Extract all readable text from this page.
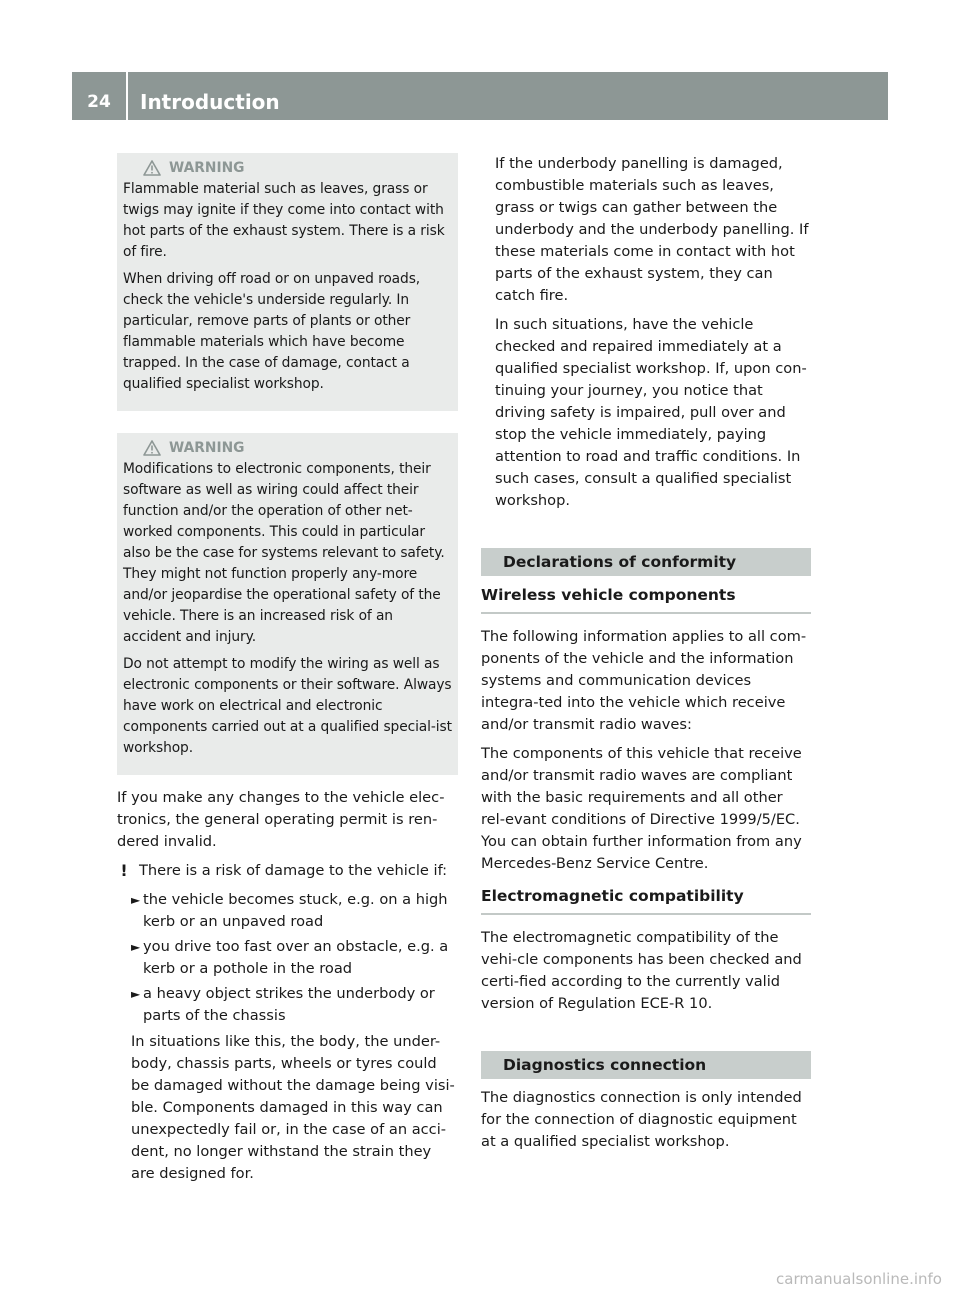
24	Introduction
WARNING

Flammable material such as leaves, grass or twigs may ignite if they come into contact with hot parts of the exhaust system. There is a risk of fire.

When driving off road or on unpaved roads, check the vehicle's underside regularly. In particular, remove parts of plants or other flammable materials which have become trapped. In the case of damage, contact a qualified specialist workshop.

WARNING

Modifications to electronic components, their software as well as wiring could affect their function and/or the operation of other net-worked components. This could in particular also be the case for systems relevant to safety. They might not function properly any-more and/or jeopardise the operational safety of the vehicle. There is an increased risk of an accident and injury.

Do not attempt to modify the wiring as well as electronic components or their software. Always have work on electrical and electronic components carried out at a qualified special-ist workshop.

If you make any changes to the vehicle elec-tronics, the general operating permit is ren-dered invalid.

! There is a risk of damage to the vehicle if:

► the vehicle becomes stuck, e.g. on a high kerb or an unpaved road
► you drive too fast over an obstacle, e.g. a kerb or a pothole in the road
► a heavy object strikes the underbody or parts of the chassis

In situations like this, the body, the under-body, chassis parts, wheels or tyres could be damaged without the damage being visi-ble. Components damaged in this way can unexpectedly fail or, in the case of an acci-dent, no longer withstand the strain they are designed for.

If the underbody panelling is damaged, combustible materials such as leaves, grass or twigs can gather between the underbody and the underbody panelling. If these materials come in contact with hot parts of the exhaust system, they can catch fire.

In such situations, have the vehicle checked and repaired immediately at a qualified specialist workshop. If, upon con-tinuing your journey, you notice that driving safety is impaired, pull over and stop the vehicle immediately, paying attention to road and traffic conditions. In such cases, consult a qualified specialist workshop.

Declarations of conformity
Wireless vehicle components

The following information applies to all com-ponents of the vehicle and the information systems and communication devices integra-ted into the vehicle which receive and/or transmit radio waves:

The components of this vehicle that receive and/or transmit radio waves are compliant with the basic requirements and all other rel-evant conditions of Directive 1999/5/EC. You can obtain further information from any Mercedes-Benz Service Centre.

Electromagnetic compatibility

The electromagnetic compatibility of the vehi-cle components has been checked and certi-fied according to the currently valid version of Regulation ECE-R 10.

Diagnostics connection

The diagnostics connection is only intended for the connection of diagnostic equipment at a qualified specialist workshop.

carmanualsonline.info
